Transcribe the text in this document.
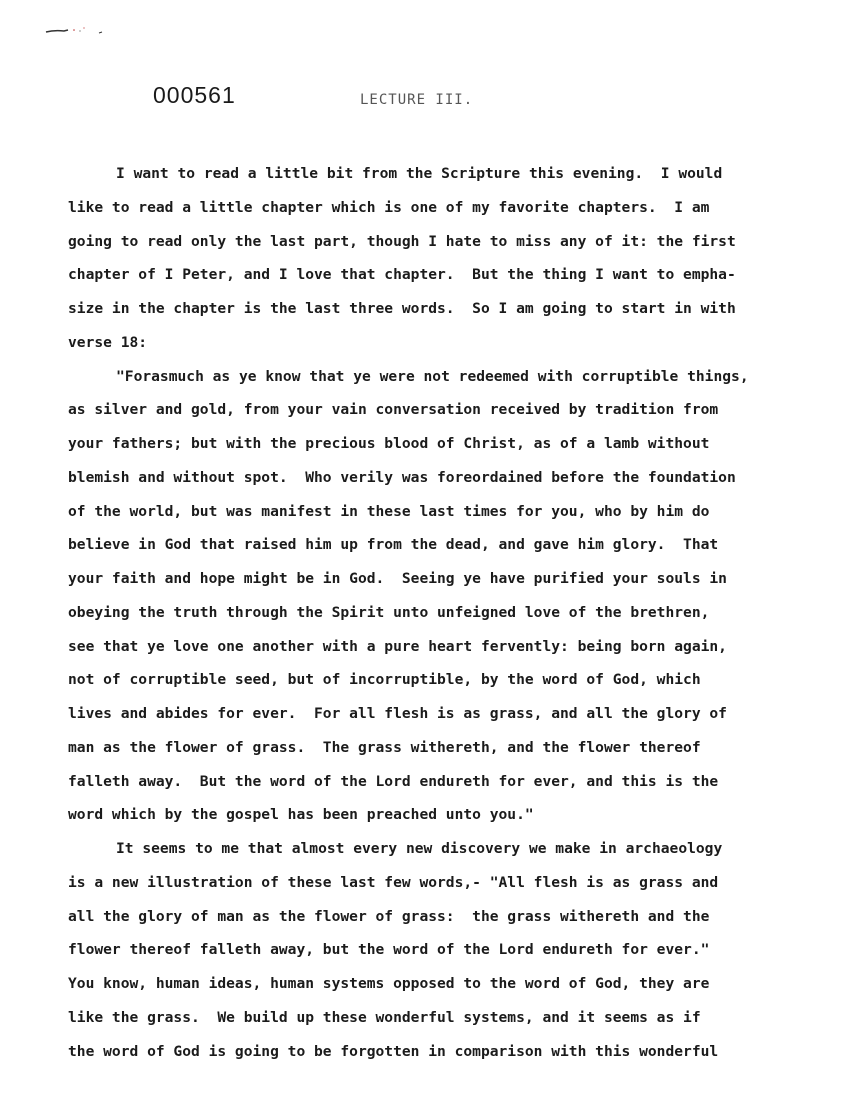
000561	LECTURE III.
I want to read a little bit from the Scripture this evening.  I would
like to read a little chapter which is one of my favorite chapters.  I am
going to read only the last part, though I hate to miss any of it: the first
chapter of I Peter, and I love that chapter.  But the thing I want to empha-
size in the chapter is the last three words.  So I am going to start in with
verse 18:
"Forasmuch as ye know that ye were not redeemed with corruptible things,
as silver and gold, from your vain conversation received by tradition from
your fathers; but with the precious blood of Christ, as of a lamb without
blemish and without spot.  Who verily was foreordained before the foundation
of the world, but was manifest in these last times for you, who by him do
believe in God that raised him up from the dead, and gave him glory.  That
your faith and hope might be in God.  Seeing ye have purified your souls in
obeying the truth through the Spirit unto unfeigned love of the brethren,
see that ye love one another with a pure heart fervently: being born again,
not of corruptible seed, but of incorruptible, by the word of God, which
lives and abides for ever.  For all flesh is as grass, and all the glory of
man as the flower of grass.  The grass withereth, and the flower thereof
falleth away.  But the word of the Lord endureth for ever, and this is the
word which by the gospel has been preached unto you."
It seems to me that almost every new discovery we make in archaeology
is a new illustration of these last few words,- "All flesh is as grass and
all the glory of man as the flower of grass:  the grass withereth and the
flower thereof falleth away, but the word of the Lord endureth for ever."
You know, human ideas, human systems opposed to the word of God, they are
like the grass.  We build up these wonderful systems, and it seems as if
the word of God is going to be forgotten in comparison with this wonderful
